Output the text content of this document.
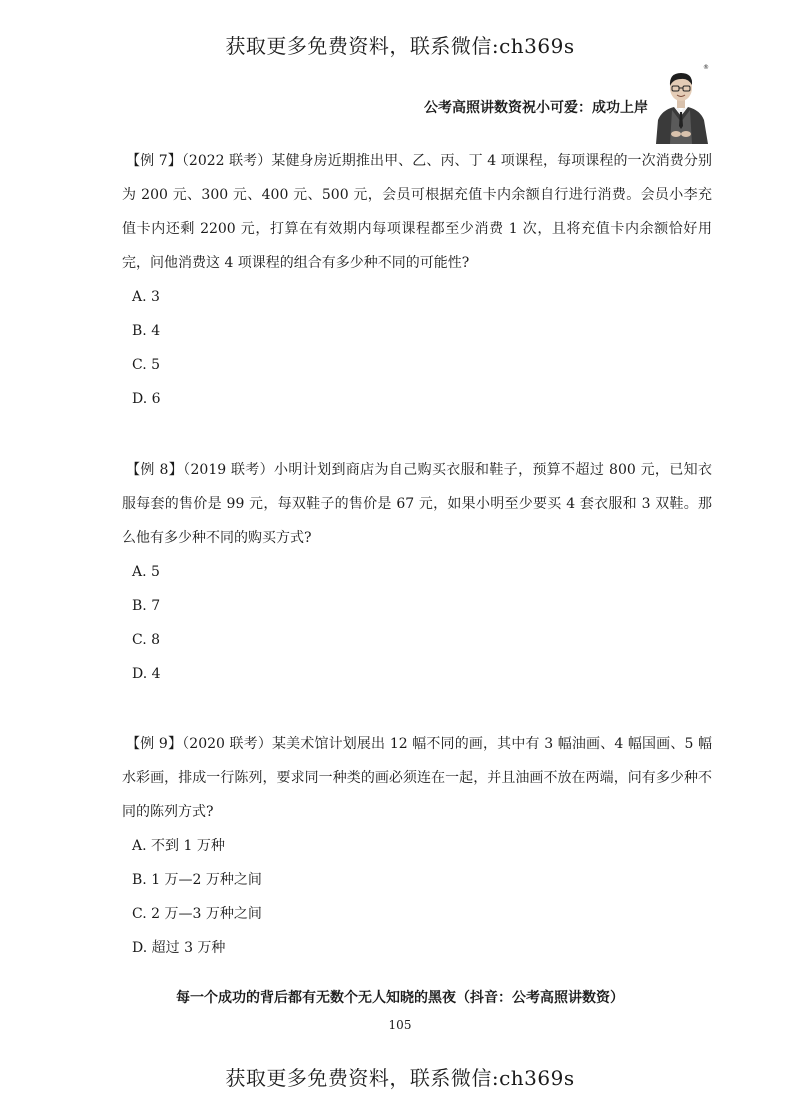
获取更多免费资料，联系微信:ch369s
公考高照讲数资祝小可爱：成功上岸
®

【例 7】（2022 联考）某健身房近期推出甲、乙、丙、丁 4 项课程，每项课程的一次消费分别为 200 元、300 元、400 元、500 元，会员可根据充值卡内余额自行进行消费。会员小李充值卡内还剩 2200 元，打算在有效期内每项课程都至少消费 1 次，且将充值卡内余额恰好用完，问他消费这 4 项课程的组合有多少种不同的可能性?

A. 3
B. 4
C. 5
D. 6

【例 8】（2019 联考）小明计划到商店为自己购买衣服和鞋子，预算不超过 800 元，已知衣服每套的售价是 99 元，每双鞋子的售价是 67 元，如果小明至少要买 4 套衣服和 3 双鞋。那么他有多少种不同的购买方式?

A. 5
B. 7
C. 8
D. 4

【例 9】（2020 联考）某美术馆计划展出 12 幅不同的画，其中有 3 幅油画、4 幅国画、5 幅水彩画，排成一行陈列，要求同一种类的画必须连在一起，并且油画不放在两端，问有多少种不同的陈列方式?

A. 不到 1 万种
B. 1 万—2 万种之间
C. 2 万—3 万种之间
D. 超过 3 万种
每一个成功的背后都有无数个无人知晓的黑夜（抖音：公考高照讲数资）
105
获取更多免费资料，联系微信:ch369s
